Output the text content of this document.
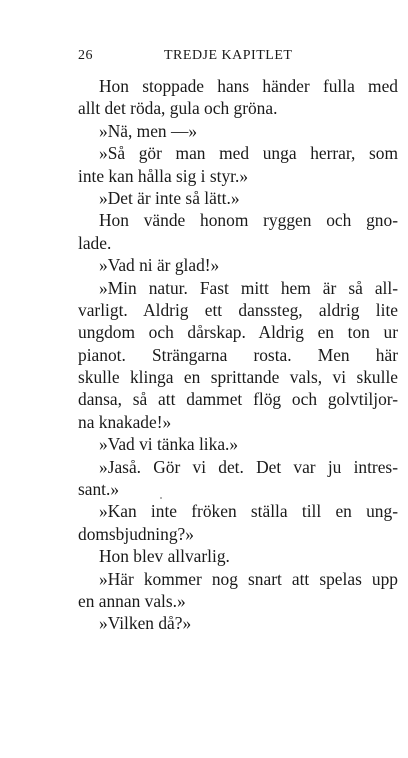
26	TREDJE KAPITLET
Hon stoppade hans händer fulla med
allt det röda, gula och gröna.
»Nä, men —»
»Så gör man med unga herrar, som
inte kan hålla sig i styr.»
»Det är inte så lätt.»
Hon vände honom ryggen och gno-
lade.
»Vad ni är glad!»
»Min natur. Fast mitt hem är så all-
varligt. Aldrig ett danssteg, aldrig lite
ungdom och dårskap. Aldrig en ton ur
pianot. Strängarna rosta. Men här
skulle klinga en sprittande vals, vi skulle
dansa, så att dammet flög och golvtiljor-
na knakade!»
»Vad vi tänka lika.»
»Jaså. Gör vi det. Det var ju intres-
sant.»
»Kan inte fröken ställa till en ung-
domsbjudning?»
Hon blev allvarlig.
»Här kommer nog snart att spelas upp
en annan vals.»
»Vilken då?»
